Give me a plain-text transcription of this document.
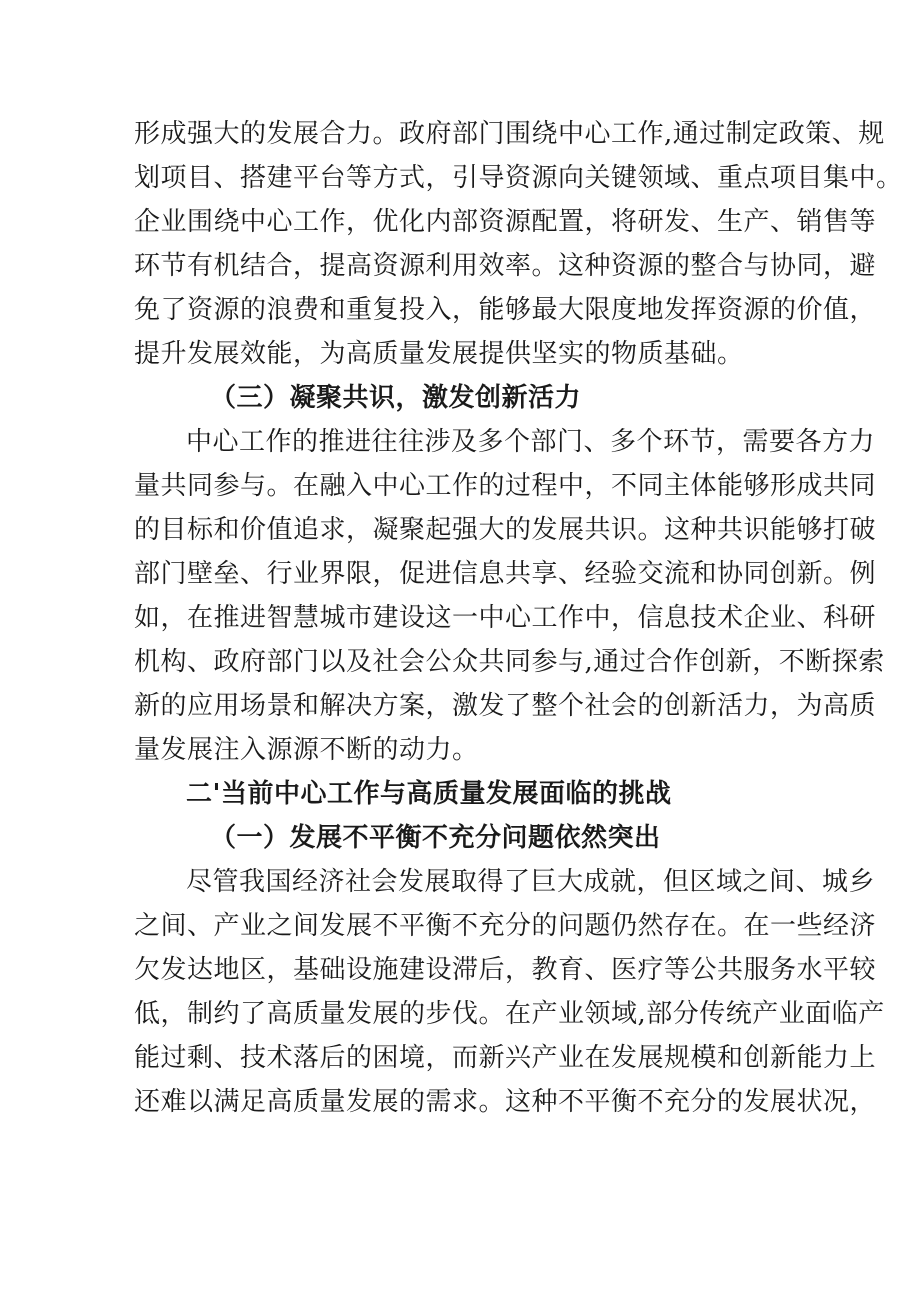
形成强大的发展合力。政府部门围绕中心工作,通过制定政策、规
划项目、搭建平台等方式，引导资源向关键领域、重点项目集中。
企业围绕中心工作，优化内部资源配置，将研发、生产、销售等
环节有机结合，提高资源利用效率。这种资源的整合与协同，避
免了资源的浪费和重复投入，能够最大限度地发挥资源的价值，
提升发展效能，为高质量发展提供坚实的物质基础。
（三）凝聚共识，激发创新活力
中心工作的推进往往涉及多个部门、多个环节，需要各方力
量共同参与。在融入中心工作的过程中，不同主体能够形成共同
的目标和价值追求，凝聚起强大的发展共识。这种共识能够打破
部门壁垒、行业界限，促进信息共享、经验交流和协同创新。例
如，在推进智慧城市建设这一中心工作中，信息技术企业、科研
机构、政府部门以及社会公众共同参与,通过合作创新，不断探索
新的应用场景和解决方案，激发了整个社会的创新活力，为高质
量发展注入源源不断的动力。
二'当前中心工作与高质量发展面临的挑战
（一）发展不平衡不充分问题依然突出
尽管我国经济社会发展取得了巨大成就，但区域之间、城乡
之间、产业之间发展不平衡不充分的问题仍然存在。在一些经济
欠发达地区，基础设施建设滞后，教育、医疗等公共服务水平较
低，制约了高质量发展的步伐。在产业领域,部分传统产业面临产
能过剩、技术落后的困境，而新兴产业在发展规模和创新能力上
还难以满足高质量发展的需求。这种不平衡不充分的发展状况，
